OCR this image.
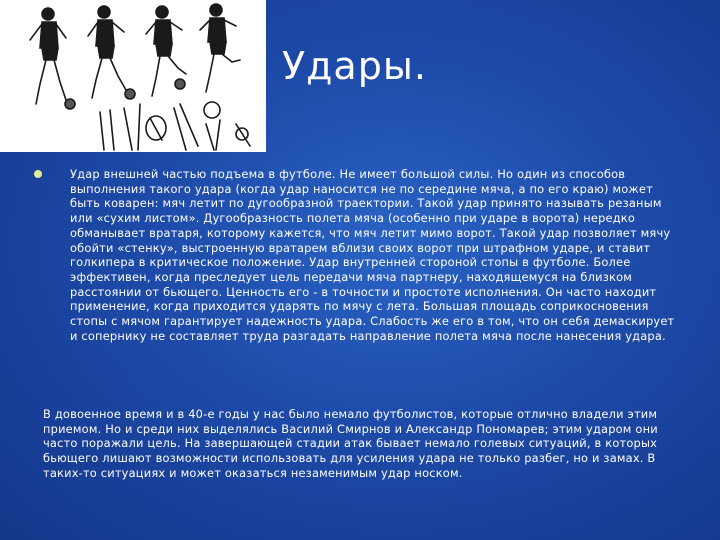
Удары.

Удар внешней частью подъема в футболе. Не имеет большой силы. Но один из способов выполнения такого удара (когда удар наносится не по середине мяча, а по его краю) может быть коварен: мяч летит по дугообразной траектории. Такой удар принято называть резаным или «сухим листом». Дугообразность полета мяча (особенно при ударе в ворота) нередко обманывает вратаря, которому кажется, что мяч летит мимо ворот. Такой удар позволяет мячу обойти «стенку», выстроенную вратарем вблизи своих ворот при штрафном ударе, и ставит голкипера в критическое положение. Удар внутренней стороной стопы в футболе. Более эффективен, когда преследует цель передачи мяча партнеру, находящемуся на близком расстоянии от бьющего. Ценность его - в точности и простоте исполнения. Он часто находит применение, когда приходится ударять по мячу с лета. Большая площадь соприкосновения стопы с мячом гарантирует надежность удара. Слабость же его в том, что он себя демаскирует и сопернику не составляет труда разгадать направление полета мяча после нанесения удара.

В довоенное время и в 40-е годы у нас было немало футболистов, которые отлично владели этим приемом. Но и среди них выделялись Василий Смирнов и Александр Пономарев; этим ударом они часто поражали цель. На завершающей стадии атак бывает немало голевых ситуаций, в которых бьющего лишают возможности использовать для усиления удара не только разбег, но и замах. В таких-то ситуациях и может оказаться незаменимым удар носком.
